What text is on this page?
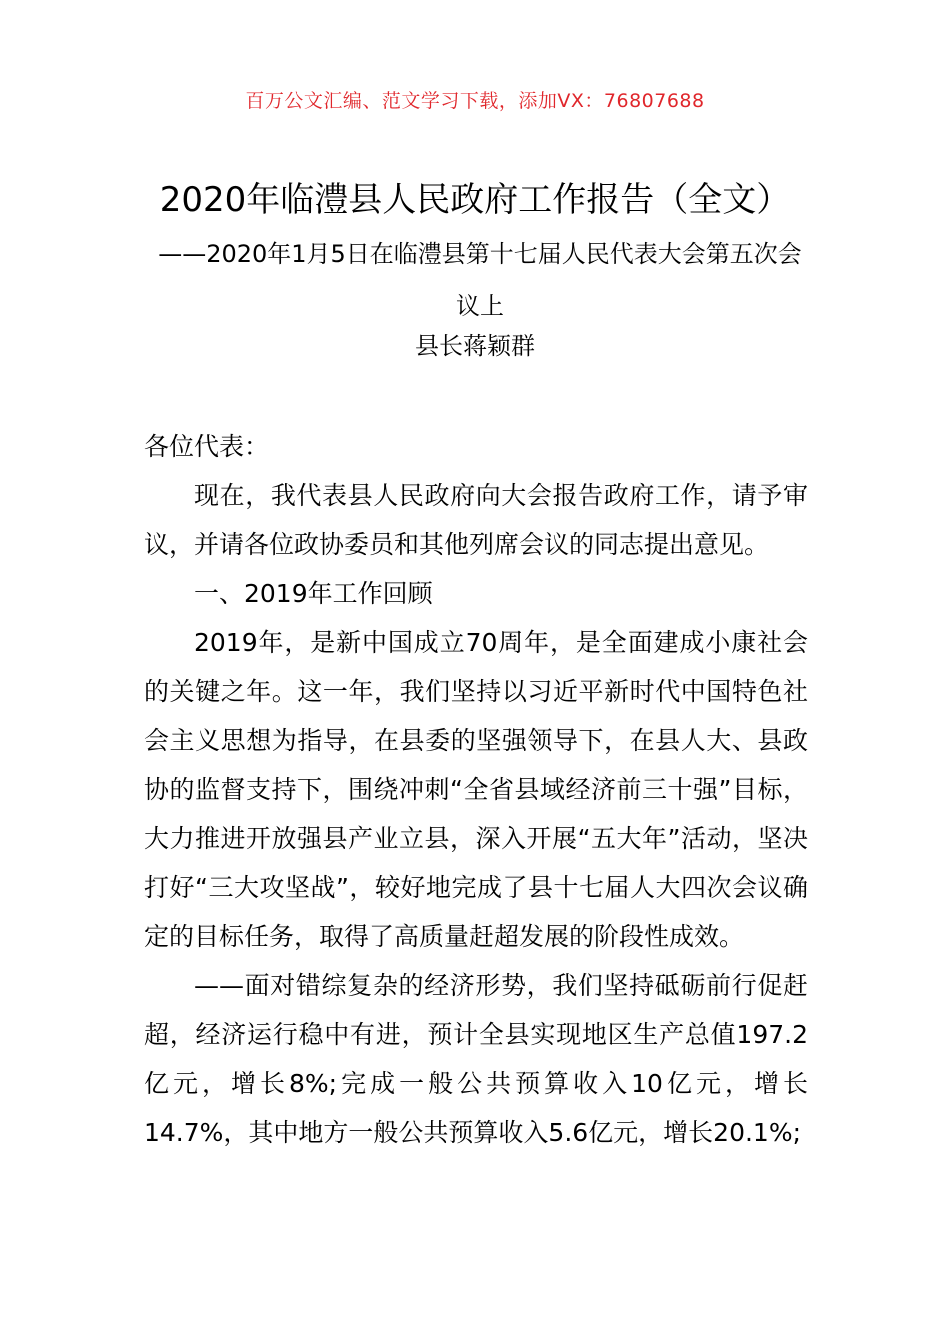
百万公文汇编、范文学习下载，添加VX：76807688
2020年临澧县人民政府工作报告（全文）
——2020年1月5日在临澧县第十七届人民代表大会第五次会议上
县长蒋颖群

各位代表：

现在，我代表县人民政府向大会报告政府工作，请予审议，并请各位政协委员和其他列席会议的同志提出意见。

一、2019年工作回顾

2019年，是新中国成立70周年，是全面建成小康社会的关键之年。这一年，我们坚持以习近平新时代中国特色社会主义思想为指导，在县委的坚强领导下，在县人大、县政协的监督支持下，围绕冲刺“全省县域经济前三十强”目标，大力推进开放强县产业立县，深入开展“五大年”活动，坚决打好“三大攻坚战”，较好地完成了县十七届人大四次会议确定的目标任务，取得了高质量赶超发展的阶段性成效。

——面对错综复杂的经济形势，我们坚持砥砺前行促赶超，经济运行稳中有进，预计全县实现地区生产总值197.2亿元，增长8%;完成一般公共预算收入10亿元，增长14.7%，其中地方一般公共预算收入5.6亿元，增长20.1%;
